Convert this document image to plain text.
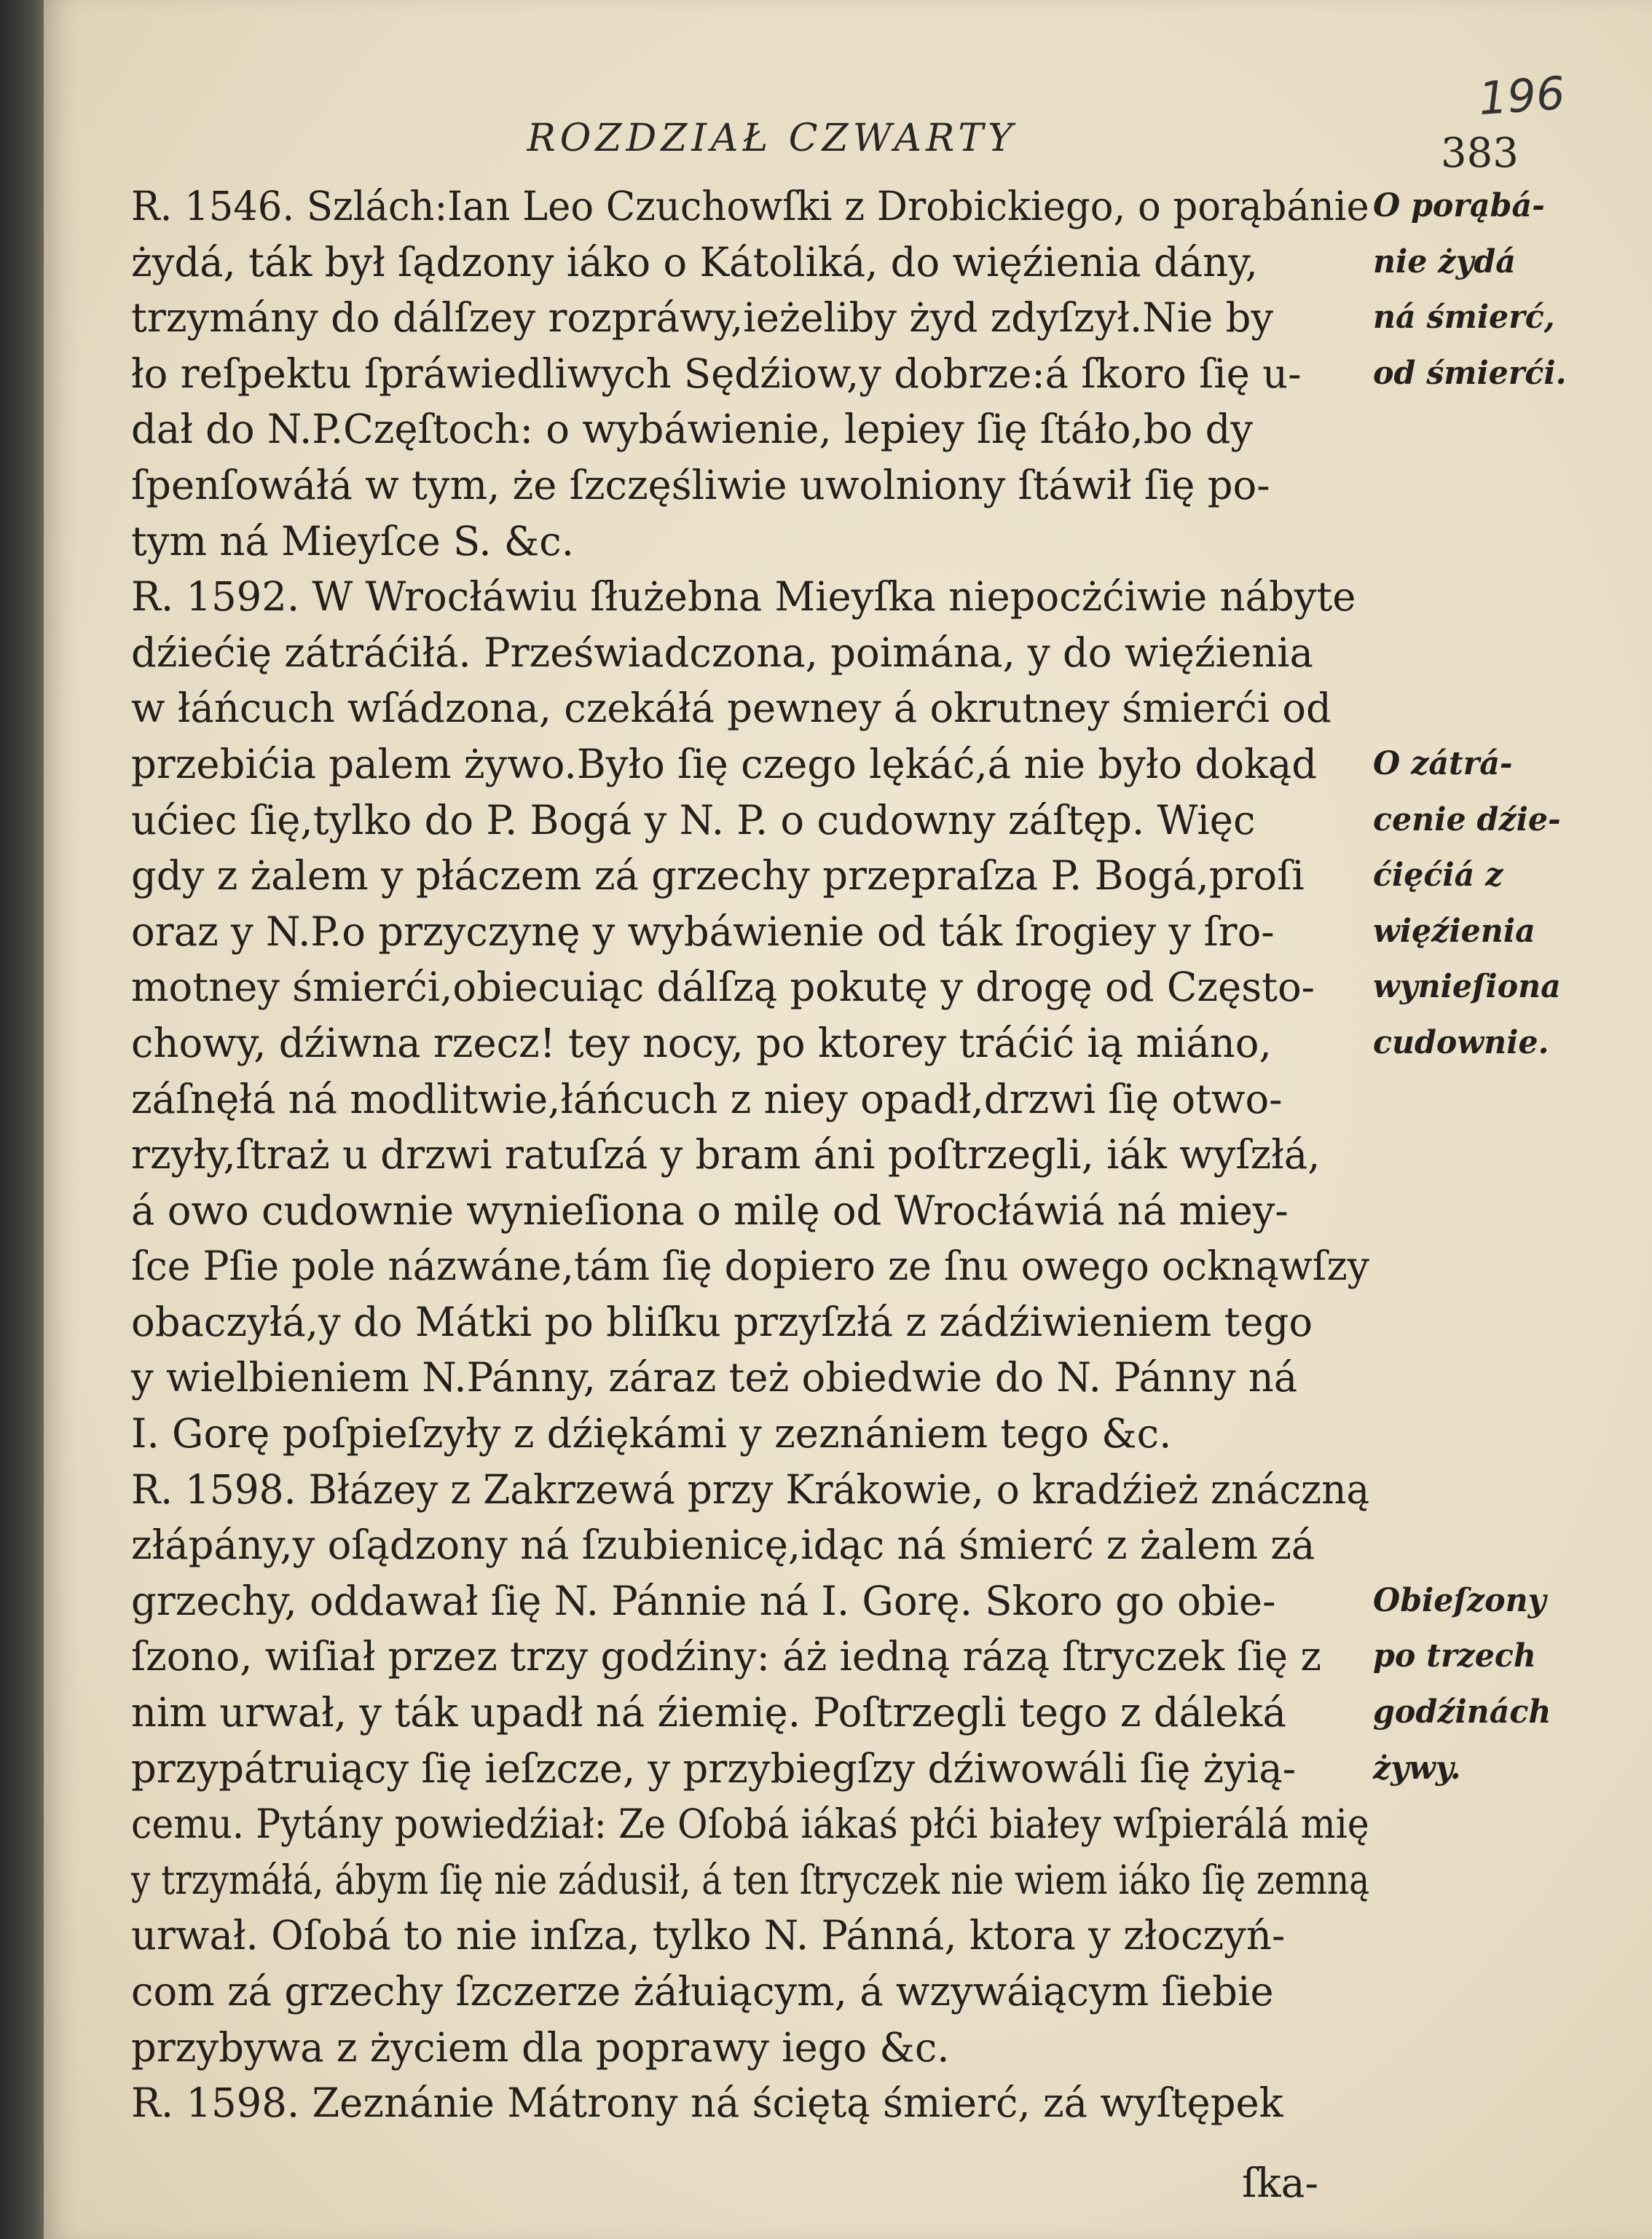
196
ROZDZIAŁ CZWARTY	383
R. 1546. Szlách:Ian Leo Czuchowſki z Drobickiego, o porąbánie
żydá, ták był ſądzony iáko o Kátoliká, do więźienia dány,
trzymány do dálſzey rozpráwy,ieżeliby żyd zdyſzył.Nie by
ło reſpektu ſpráwiedliwych Sędźiow,y dobrze:á ſkoro ſię u-
dał do N.P.Częſtoch: o wybáwienie, lepiey ſię ſtáło,bo dy
ſpenſowáłá w tym, że ſzczęśliwie uwolniony ſtáwił ſię po-
tym ná Mieyſce S. &c.
R. 1592. W Wrocłáwiu ſłużebna Mieyſka niepocżćiwie nábyte
dźiećię zátráćiłá. Przeświadczona, poimána, y do więźienia
w łáńcuch wſádzona, czekáłá pewney á okrutney śmierći od
przebićia palem żywo.Było ſię czego lękáć,á nie było dokąd
ućiec ſię,tylko do P. Bogá y N. P. o cudowny záſtęp. Więc
gdy z żalem y płáczem zá grzechy przepraſza P. Bogá,proſi
oraz y N.P.o przyczynę y wybáwienie od ták ſrogiey y ſro-
motney śmierći,obiecuiąc dálſzą pokutę y drogę od Często-
chowy, dźiwna rzecz! tey nocy, po ktorey tráćić ią miáno,
záſnęłá ná modlitwie,łáńcuch z niey opadł,drzwi ſię otwo-
rzyły,ſtraż u drzwi ratuſzá y bram áni poſtrzegli, iák wyſzłá,
á owo cudownie wynieſiona o milę od Wrocłáwiá ná miey-
ſce Pſie pole názwáne,tám ſię dopiero ze ſnu owego ocknąwſzy
obaczyłá,y do Mátki po bliſku przyſzłá z zádźiwieniem tego
y wielbieniem N.Pánny, záraz też obiedwie do N. Pánny ná
I. Gorę poſpieſzyły z dźiękámi y zeznániem tego &c.
R. 1598. Błázey z Zakrzewá przy Krákowie, o kradźież znáczną
złápány,y oſądzony ná ſzubienicę,idąc ná śmierć z żalem zá
grzechy, oddawał ſię N. Pánnie ná I. Gorę. Skoro go obie-
ſzono, wiſiał przez trzy godźiny: áż iedną rázą ſtryczek ſię z
nim urwał, y ták upadł ná źiemię. Poſtrzegli tego z dáleká
przypátruiący ſię ieſzcze, y przybiegſzy dźiwowáli ſię żyią-
cemu. Pytány powiedźiał: Ze Oſobá iákaś płći białey wſpierálá mię
y trzymáłá, ábym ſię nie zádusił, á ten ſtryczek nie wiem iáko ſię zemną
urwał. Oſobá to nie inſza, tylko N. Pánná, ktora y złoczyń-
com zá grzechy ſzczerze żáłuiącym, á wzywáiącym ſiebie
przybywa z życiem dla poprawy iego &c.
R. 1598. Zeznánie Mátrony ná ściętą śmierć, zá wyſtępek
O porąbá-
nie żydá
ná śmierć,
od śmierći.
O zátrá-
cenie dźie-
ćięćiá z
więźienia
wynieſiona
cudownie.
Obieſzony
po trzech
godźinách
żywy.
ſka-
